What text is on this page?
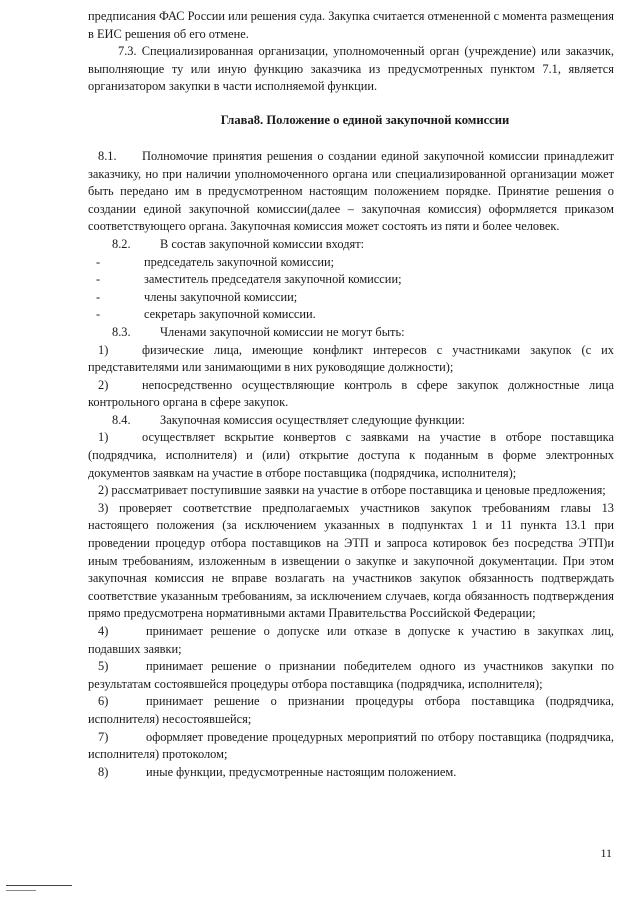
предписания ФАС России или решения суда. Закупка считается отмененной с момента размещения в ЕИС решения об его отмене.

7.3. Специализированная организации, уполномоченный орган (учреждение) или заказчик, выполняющие ту или иную функцию заказчика из предусмотренных пунктом 7.1, является организатором закупки в части исполняемой функции.

Глава8. Положение о единой закупочной комиссии

8.1. Полномочие принятия решения о создании единой закупочной комиссии принадлежит заказчику, но при наличии уполномоченного органа или специализированной организации может быть передано им в предусмотренном настоящим положением порядке. Принятие решения о создании единой закупочной комиссии(далее – закупочная комиссия) оформляется приказом соответствующего органа. Закупочная комиссия может состоять из пяти и более человек.

8.2.	В состав закупочной комиссии входят:
-	председатель закупочной комиссии;
-	заместитель председателя закупочной комиссии;
-	члены закупочной комиссии;
-	секретарь закупочной комиссии.
8.3.	Членами закупочной комиссии не могут быть:

1)	физические лица, имеющие конфликт интересов с участниками закупок (с их представителями или занимающими в них руководящие должности);

2)	непосредственно осуществляющие контроль в сфере закупок должностные лица контрольного органа в сфере закупок.

8.4.	Закупочная комиссия осуществляет следующие функции:

1)	осуществляет вскрытие конвертов с заявками на участие в отборе поставщика (подрядчика, исполнителя) и (или) открытие доступа к поданным в форме электронных документов заявкам на участие в отборе поставщика (подрядчика, исполнителя);

2) рассматривает поступившие заявки на участие в отборе поставщика и ценовые предложения;

3) проверяет соответствие предполагаемых участников закупок требованиям главы 13 настоящего положения (за исключением указанных в подпунктах 1 и 11 пункта 13.1 при проведении процедур отбора поставщиков на ЭТП и запроса котировок без посредства ЭТП)и иным требованиям, изложенным в извещении о закупке и закупочной документации. При этом закупочная комиссия не вправе возлагать на участников закупок обязанность подтверждать соответствие указанным требованиям, за исключением случаев, когда обязанность подтверждения прямо предусмотрена нормативными актами Правительства Российской Федерации;

4)	принимает решение о допуске или отказе в допуске к участию в закупках лиц, подавших заявки;

5)	принимает решение о признании победителем одного из участников закупки по результатам состоявшейся процедуры отбора поставщика (подрядчика, исполнителя);

6)	принимает решение о признании процедуры отбора поставщика (подрядчика, исполнителя) несостоявшейся;

7)	оформляет проведение процедурных мероприятий по отбору поставщика (подрядчика, исполнителя) протоколом;

8)	иные функции, предусмотренные настоящим положением.

11
